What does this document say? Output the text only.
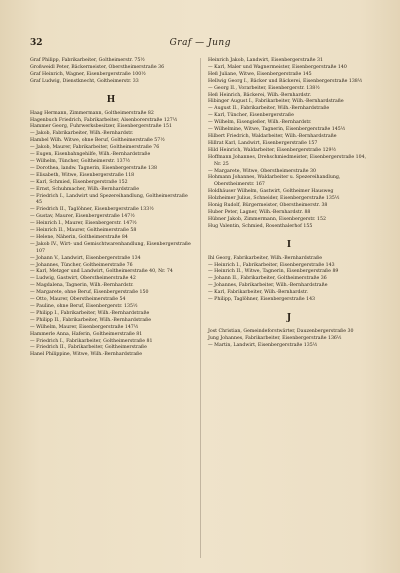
32	Graf — Jung
Graf Philipp, Fabrikarbeiter, Goltheimerstr. 75½
Großweidl Peter, Bäckermeister, Oberstheimerstraße 36
Graf Heinrich, Wagner, Eisenbergerstraße 100½
Graf Ludwig, Dienstknecht, Goltheimerstr. 33
H
Haag Hermann, Zimmermann, Goltheimerstraße 82
Hagenbuch Friedrich, Fabrikarbeiter, Alsenborerstraße 127½
Hammer Georg, Fuhrwerksbesitzer, Eisenbergerstraße 151
— Jakob, Fabrikarbeiter, Wilh.-Bernhardstr.
Hambel Wilh. Witwe, ohne Beruf, Goltheimerstraße 57½
— Jakob, Maurer, Fabrikarbeiter, Goltheimerstraße 76
— Eugen, Eisenbahngehilfe, Wilh.-Bernhardstraße
— Wilhelm, Tüncher, Goltheimerstr. 137½
— Dorothea, landw. Tagnerin, Eisenbergerstraße 138
— Elisabeth, Witwe, Eisenbergerstraße 118
— Karl, Schmied, Eisenbergerstraße 152
— Ernst, Schuhmacher, Wilh.-Bernhardstraße
— Friedrich I., Landwirt und Spezereihandlung, Goltheimerstraße 45
— Friedrich II., Taglöhner, Eisenbergerstraße 133½
— Gustav, Maurer, Eisenbergerstraße 147½
— Heinrich I., Maurer, Eisenbergerstr. 147½
— Heinrich II., Maurer, Goltheimerstraße 58
— Helene, Näherin, Goltheimerstraße 84
— Jakob IV., Wirt- und Gemischtwarenhandlung, Eisenbergerstraße 107
— Johann V., Landwirt, Eisenbergerstraße 134
— Johannes, Tüncher, Goltheimerstraße 76
— Karl, Metzger und Landwirt, Goltheimerstraße 40, Nr. 74
— Ludwig, Gastwirt, Oberstheimerstraße 42
— Magdalena, Tagnerin, Wilh.-Bernhardstr.
— Margarete, ohne Beruf, Eisenbergerstraße 150
— Otto, Maurer, Oberstheimerstraße 54
— Pauline, ohne Beruf, Eisenbergerstr. 135½
— Philipp I., Fabrikarbeiter, Wilh.-Bernhardstraße
— Philipp II., Fabrikarbeiter, Wilh.-Bernhardstraße
— Wilhelm, Maurer, Eisenbergerstraße 147½
Hammerle Anna, Haferin, Goltheimerstraße 81
— Friedrich I., Fabrikarbeiter, Goltheimerstraße 81
— Friedrich II., Fabrikarbeiter, Goltheimerstraße
Hanel Philippine, Witwe, Wilh.-Bernhardstraße
Heinrich Jakob, Landwirt, Eisenbergerstraße 31
— Karl, Maler und Wagnermeister, Eisenbergerstraße 140
Heß Juliane, Witwe, Eisenbergerstraße 145
Hellwig Georg I., Bäcker und Bäckerei, Eisenbergerstraße 138½
— Georg II., Vorarbeiter, Eisenbergerstr. 138½
Heß Heinrich, Bäckerei, Wilh.-Bernhardstr.
Hibinger August I., Fabrikarbeiter, Wilh.-Bernhardstraße
— August II., Fabrikarbeiter, Wilh.-Bernhardstraße
— Karl, Tüncher, Eisenbergerstraße
— Wilhelm, Eisengießer, Wilh.-Bernhardstr.
— Wilhelmine, Witwe, Tagnerin, Eisenbergerstraße 145½
Hilbert Friedrich, Waldarbeiter, Wilh.-Bernhardstraße
Hillrat Karl, Landwirt, Eisenbergerstraße 157
Hild Heinrich, Waldarbeiter, Eisenbergerstraße 129½
Hoffmann Johannes, Drehschmiedmeister, Eisenbergerstraße 104, Nr. 25
— Margarete, Witwe, Oberstheimerstraße 30
Hohmann Johannes, Waldarbeiter u. Spezereihandlung, Oberstheimerstr. 167
Holdhäuser Wilhelm, Gastwirt, Goltheimer Hausweg
Holzheimer Julius, Schneider, Eisenbergerstraße 135½
Honig Rudolf, Bürgermeister, Oberstheimerstr. 38
Huber Peter, Lagner, Wilh.-Bernhardstr. 88
Hübner Jakob, Zimmermann, Eisenbergerstr. 152
Hug Valentin, Schmied, Rosenthalerhof 155
I
Ihl Georg, Fabrikarbeiter, Wilh.-Bernhardstraße
— Heinrich I., Fabrikarbeiter, Eisenbergerstraße 143
— Heinrich II., Witwe, Tagnerin, Eisenbergerstraße 89
— Johann II., Fabrikarbeiter, Goltheimerstraße 36
— Johannes, Fabrikarbeiter, Wilh.-Bernhardstraße
— Karl, Fabrikarbeiter, Wilh.-Bernhardstr.
— Philipp, Taglöhner, Eisenbergerstraße 143
J
Jost Christian, Gemeindeforstwärter, Dauzenbergerstraße 30
Jung Johannes, Fabrikarbeiter, Eisenbergerstraße 136½
— Martin, Landwirt, Eisenbergerstraße 135½
